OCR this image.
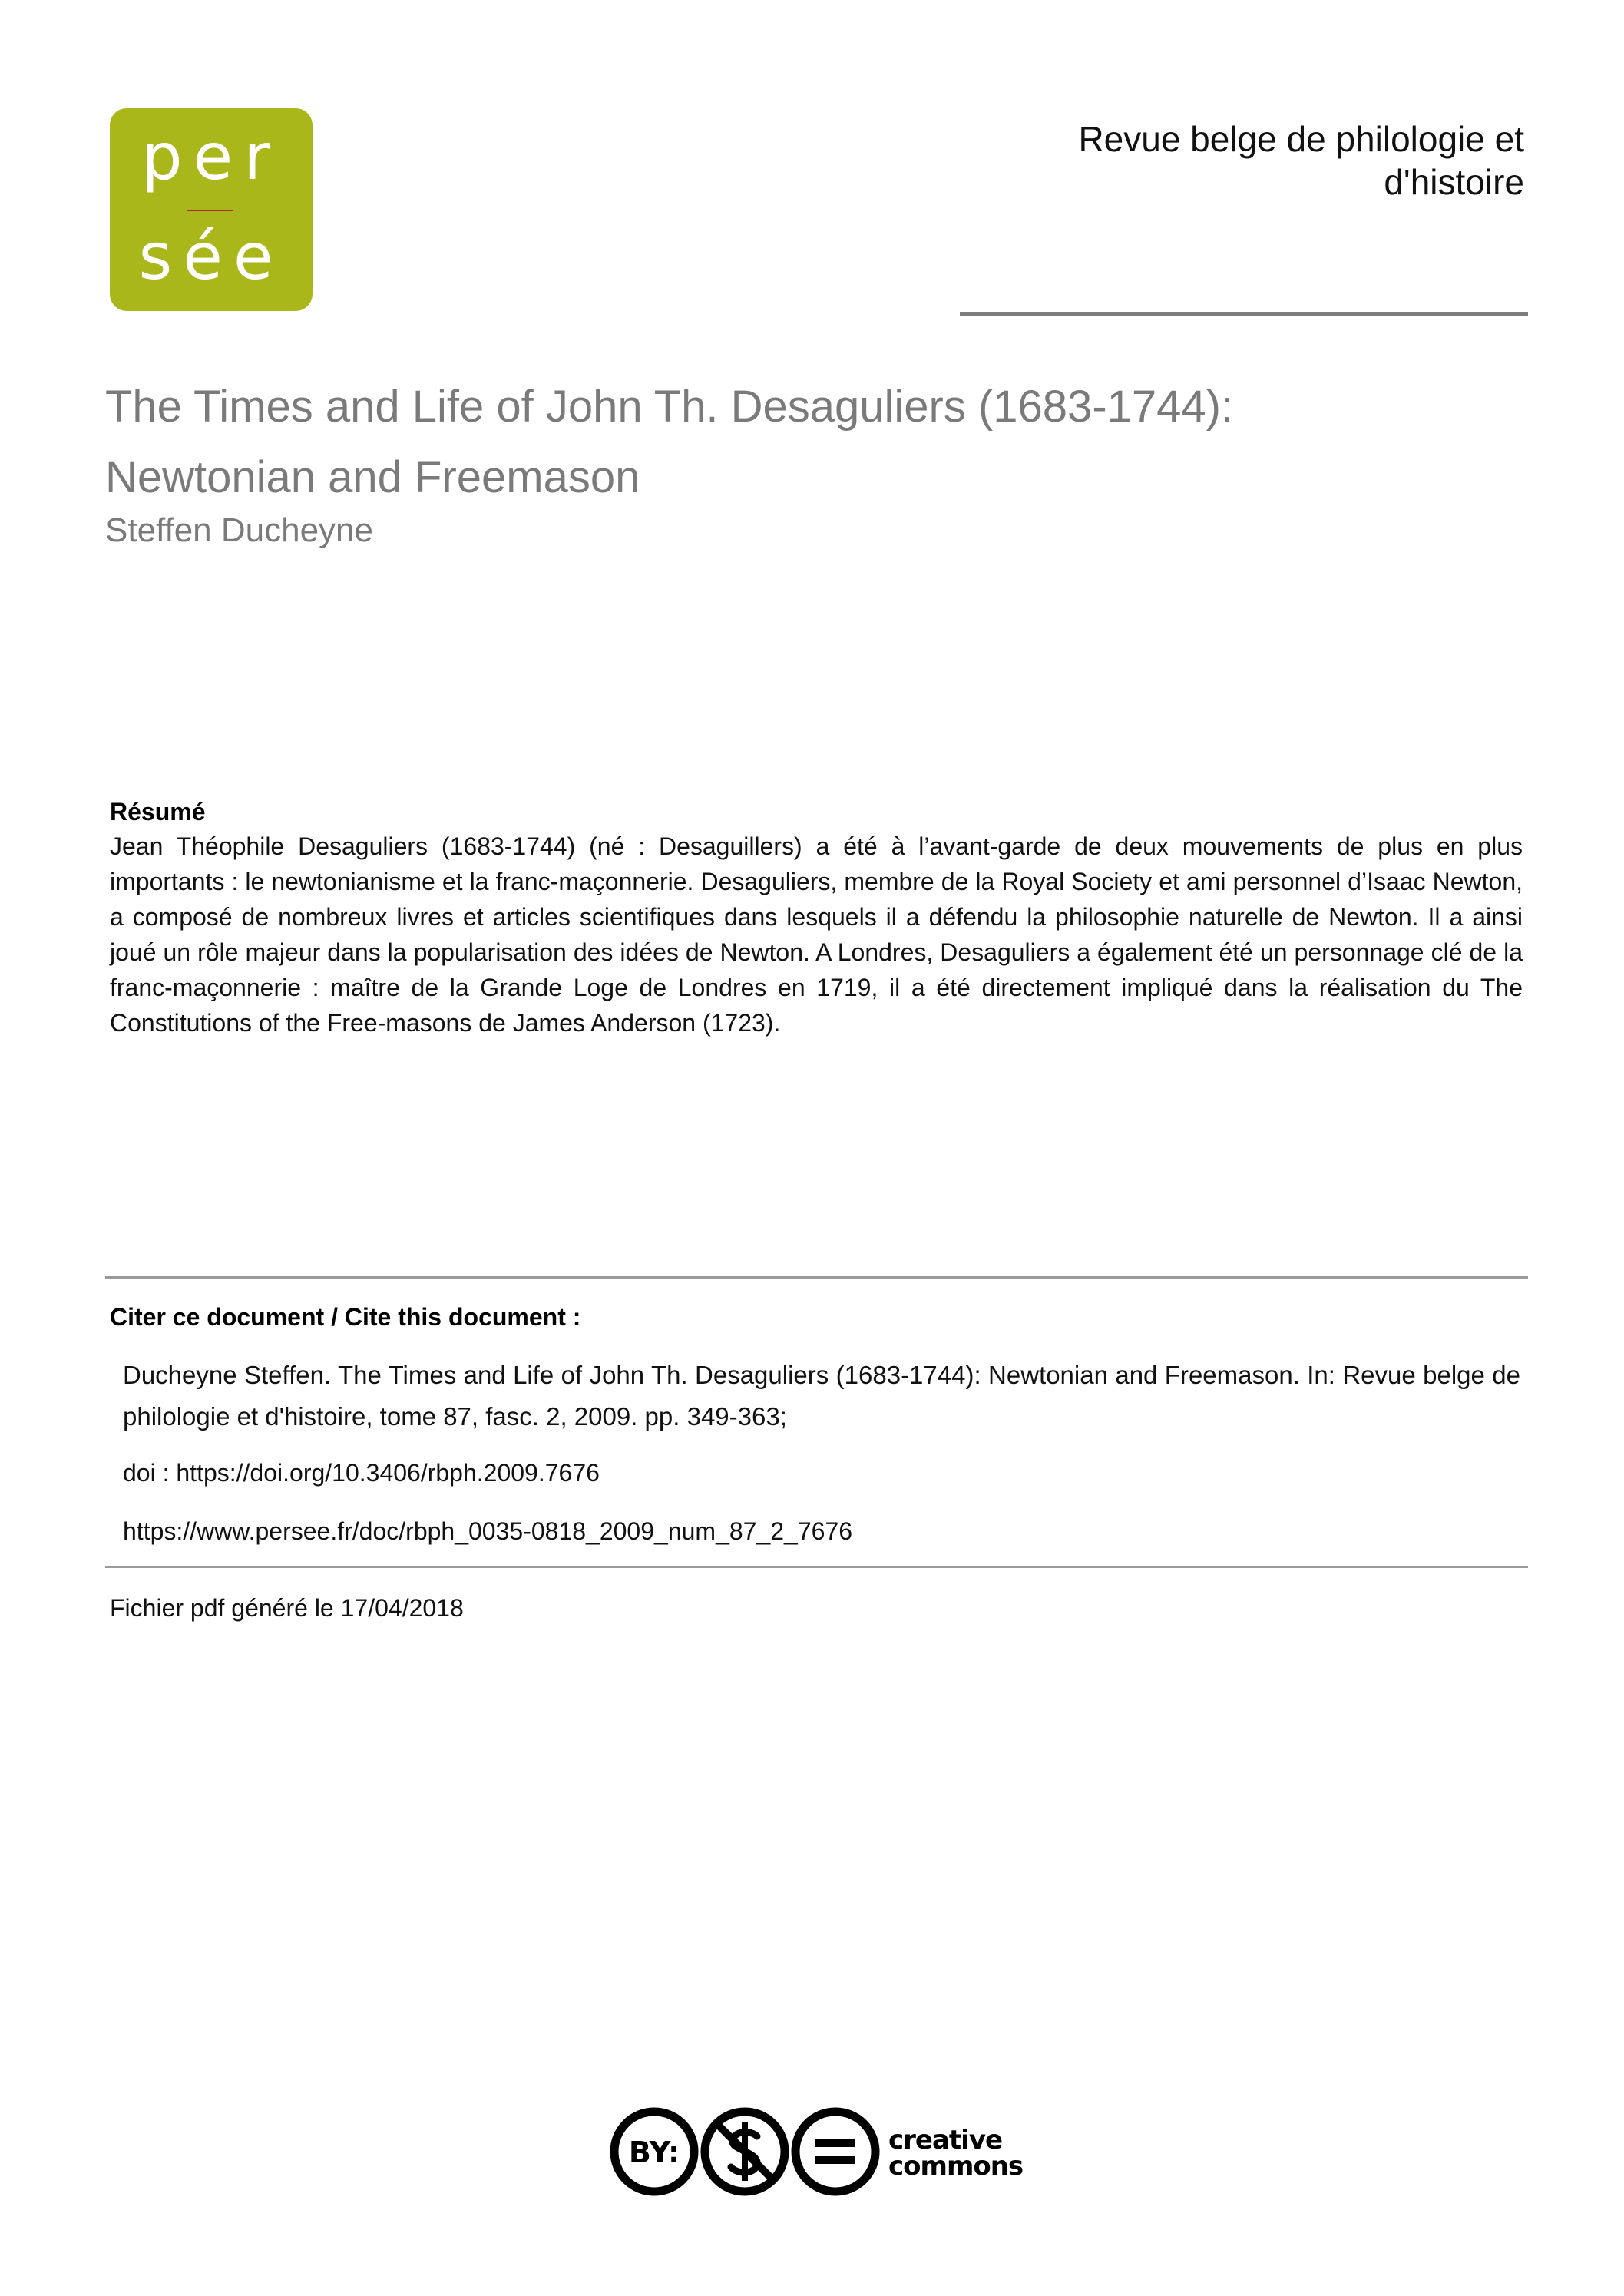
per
sée
Revue belge de philologie et
d'histoire
The Times and Life of John Th. Desaguliers (1683-1744):
Newtonian and Freemason
Steffen Ducheyne
Résumé
Jean Théophile Desaguliers (1683-1744) (né : Desaguillers) a été à l’avant-garde de deux mouvements de plus en plus importants : le newtonianisme et la franc-maçonnerie. Desaguliers, membre de la Royal Society et ami personnel d’Isaac Newton, a composé de nombreux livres et articles scientifiques dans lesquels il a défendu la philosophie naturelle de Newton. Il a ainsi joué un rôle majeur dans la popularisation des idées de Newton. A Londres, Desaguliers a également été un personnage clé de la franc-maçonnerie : maître de la Grande Loge de Londres en 1719, il a été directement impliqué dans la réalisation du The Constitutions of the Free-masons de James Anderson (1723).
Citer ce document / Cite this document :
Ducheyne Steffen. The Times and Life of John Th. Desaguliers (1683-1744): Newtonian and Freemason. In: Revue belge de philologie et d'histoire, tome 87, fasc. 2, 2009. pp. 349-363;
doi : https://doi.org/10.3406/rbph.2009.7676
https://www.persee.fr/doc/rbph_0035-0818_2009_num_87_2_7676
Fichier pdf généré le 17/04/2018
BY:	creative
commons
